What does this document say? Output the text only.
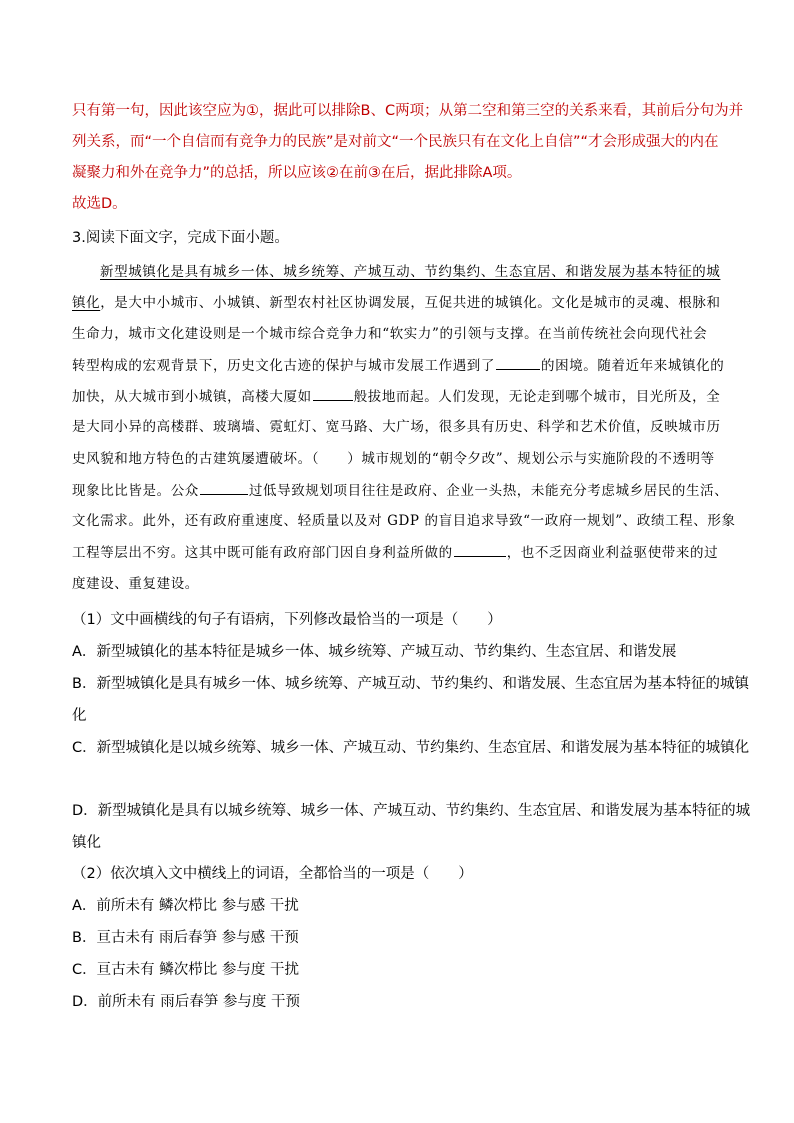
只有第一句，因此该空应为①，据此可以排除B、C两项；从第二空和第三空的关系来看，其前后分句为并
列关系，而“一个自信而有竞争力的民族”是对前文“一个民族只有在文化上自信”“才会形成强大的内在
凝聚力和外在竞争力”的总括，所以应该②在前③在后，据此排除A项。
故选D。
3.阅读下面文字，完成下面小题。
新型城镇化是具有城乡一体、城乡统筹、产城互动、节约集约、生态宜居、和谐发展为基本特征的城
镇化，是大中小城市、小城镇、新型农村社区协调发展，互促共进的城镇化。文化是城市的灵魂、根脉和
生命力，城市文化建设则是一个城市综合竞争力和“软实力”的引领与支撑。在当前传统社会向现代社会
转型构成的宏观背景下，历史文化古迹的保护与城市发展工作遇到了	的困境。随着近年来城镇化的
加快，从大城市到小城镇，高楼大厦如	般拔地而起。人们发现，无论走到哪个城市，目光所及，全
是大同小异的高楼群、玻璃墙、霓虹灯、宽马路、大广场，很多具有历史、科学和艺术价值，反映城市历
史风貌和地方特色的古建筑屡遭破坏。（　　）城市规划的“朝令夕改”、规划公示与实施阶段的不透明等
现象比比皆是。公众	过低导致规划项目往往是政府、企业一头热，未能充分考虑城乡居民的生活、
文化需求。此外，还有政府重速度、轻质量以及对 GDP 的盲目追求导致“一政府一规划”、政绩工程、形象
工程等层出不穷。这其中既可能有政府部门因自身利益所做的	，也不乏因商业利益驱使带来的过
度建设、重复建设。
（1）文中画横线的句子有语病，下列修改最恰当的一项是（　　）
A．新型城镇化的基本特征是城乡一体、城乡统筹、产城互动、节约集约、生态宜居、和谐发展
B．新型城镇化是具有城乡一体、城乡统筹、产城互动、节约集约、和谐发展、生态宜居为基本特征的城镇
化
C．新型城镇化是以城乡统筹、城乡一体、产城互动、节约集约、生态宜居、和谐发展为基本特征的城镇化
D．新型城镇化是具有以城乡统筹、城乡一体、产城互动、节约集约、生态宜居、和谐发展为基本特征的城
镇化
（2）依次填入文中横线上的词语，全都恰当的一项是（　　）
A．前所未有 鳞次栉比 参与感 干扰
B．亘古未有 雨后春笋 参与感 干预
C．亘古未有 鳞次栉比 参与度 干扰
D．前所未有 雨后春笋 参与度 干预
